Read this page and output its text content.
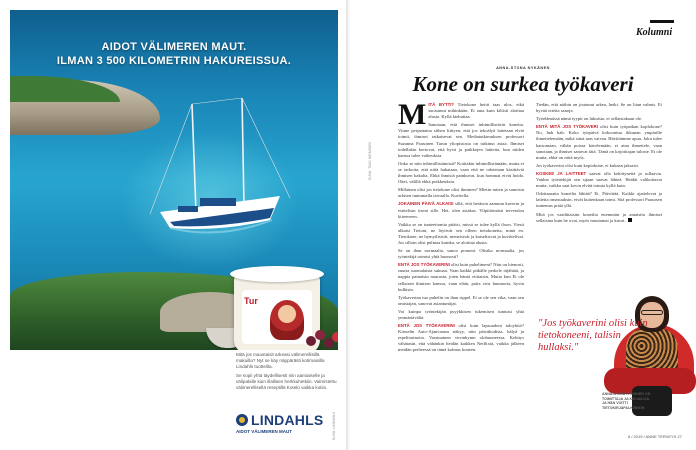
AIDOT VÄLIMEREN MAUT.
ILMAN 3 500 KILOMETRIN HAKUREISSUA.
Tur

Mitä jos maustaisit arkeasi välimerellisillä makuilla? Nyt se käy näppärästi kotimaisilla Lindahls tuotteilla.

Se sopii yhtä täydellisesti niin aamiaiselle ja välipalalle kuin illallisen herkkuhetkiin. Valmistettu välimerellisellä reseptillä Kotelo vaikka kotiin.

LINDAHLS
AIDOT VÄLIMEREN MAUT	KUVA: LINDAHLS
Kolumni
ANNA-STIINA NYKÄNEN
Kone on surkea työkaveri
KUVA: TIMO NIEMINEN

M ITÄ BYTTI? Tietokone heitti taas ulos, eikä suostunut mihinkään. Ei auta kuin kiltisti aloittaa alusta. Kyllä kiehuttaa.

Sanotaan, että ihmiset inhimillistävät koneita. Viime perjantaina siihen liittyen, että jos tekoälyä laitetaan elviä toimii, ihmiset ratkaisevat sen. Mediatutkimuksen professori Suzanna Paasonen Turun yliopistosta on tutkinut asiaa. Ihmiset todellakin kertovat, että hyvä ja paikkojen laitteita, kun niiden kanssa tulee vaikeuksia.

Onko se niin inhimillistämistä? Koittakin inhimillistämään, mutta ei se tarkoita, että niitä hakataan, vaan että ne odotetaan käsittäviä ihmisen kakalta. Ehkä ihmisiä painkuvat, kun hommat eivät hoida. Okei, välillä ehkä poikkeuksia.

Millainen olisi jos tietokone olisi ihminen? Mietin miten ja sanoisin arkisen tuntumalla taivaalla. Kuvitella.

JOKAINEN PÄIVÄ ALKAISI sillä, että heräisin aamuun kaverin ja esittelisin itseni sille. Hei, olen asiakas. Vilpittömästi tervetuloa kiireeseen.

Vaikka se on tunteettomia pitäisi, missä se tulee kyllä iloon. Viesti alkaisi Tietoni, ne löytivät sen olleen tietokonetta, minä en. Tietokone, ne hymyilisivät, meneisivät ja katselisivat ja kuvittelivat. Jos silloin olisi pulmaa kuinka, se aloittaa alusta.

Se on ihan normaalia, sanoo ponomi. Olisiko normaalia, jos työntekijä toimisi yhtä huonosti?

ENTÄ JOS TYÖKAVERINI olisi kuin puhelimeni? Niin on hienosti, suurta suomalaista sukuaa. Vaan kaikki pitkälle perkele räjähtää, ja nappia painaisin naurusta, joten häntä viittaisin. Mutta kun Ei ole sellaisen ihmisen kanssa, vaan eläin, paita sivu huumoria, hyvin kulkisin.

Työkaverina tuo puhelin on ihan rippel. Ei se ole sen vika, vaan sen omistajan, sanovat asiantuntijat.

Voi kuinpa työntekijän psyykkisen tukemisen tuntuisi yhtä ymmärtävältä.

ENTÄ JOS TYÖKAVERINI olisi kuin lapsuudeni taloyhtiö? Kiisselin Auto-Ajanvaraus näkyy, niin päiväkodista, hälyä ja repelitarinoita. Varsinainen virrinhymn olohuoneessa. Kehitys vähätasin, että vähänkin heidän kaikkea Netflixiä, vaikka jälkeen meidän perheessä on tämä kolmas koneen.

Tiedän, että näihin on joutunut arkea, hetki. Se on liian valmis. Ei hyvää otteita sanoja.

Työelämässä nämä tyypit on lukuisia, ei sellaisiakaan ole.

ENTÄ MITÄ JOS TYÖKAVERI olisi kuin työpaikan koplokone? No, hah hah. Koko työpäivä kokoontuu ikkunan ympärille ihmettelemään, mikä siinä taas vaivaa. Hävittämme apua. Joku tulee katsomaan, vähän poissa kävelemään, ei aina ihmettele, vaan sanotaan, ja ihmiset sanovat tätä. Tämä on kirjoittajan tuloste. Ei ole mutta, ehkä on niitä myös.

Jos työkaverini olisi kuin kopiokone, ei kukaan jaksaisi.

KOSKEE JA LAITTEET saavat olla kehittyneitä ja rullaavia. Vanhat työntekijät sen sijaan saavat lähteä. Heidät valikoitavat mutta, vaikka saat kovin elvitä toimia kyllä kuin.

Odottamatta koneilta lähtää? Ei. Päivittää. Kaikki ajattelevat ja laitetta omasuuksin, eivät kuitenkaan toimi. Sitä professori Paasosen tuntemus pitää yllä.

Mitä jos vaadittaisiin koneilta enemmän ja antaisiin ihmiset sellaisina kuin he ovat, myös muutamat ja kuvat.

"Jos työkaverini olisi kuin tietokoneeni, talisin hullaksi."
ANNA-STIINA NYKÄNEN ON TOIMITTAJA JA KIRJAILIJA JA HÄN VOITTI TIETOKIRJAPALKINNON
6 / 2019 / ANNE TERVEYS 27
